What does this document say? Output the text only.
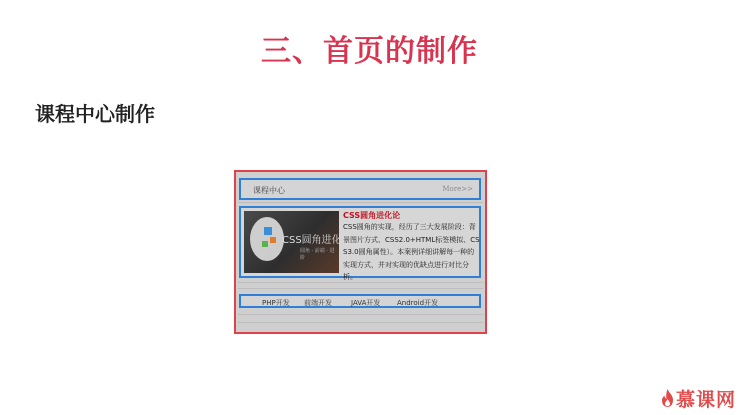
三、首页的制作
课程中心制作
课程中心	More>>
CSS圆角进化论
圆角 · 前端 · 进阶
CSS圆角进化论
CSS圆角的实现，经历了三大发展阶段：背景图片方式、CSS2.0+HTML标签模拟、CSS3.0圆角属性）。本案例详细讲解每一种的实现方式，并对实现的优缺点进行对比分析。
PHP开发 前端开发	JAVA开发 Android开发
慕课网
